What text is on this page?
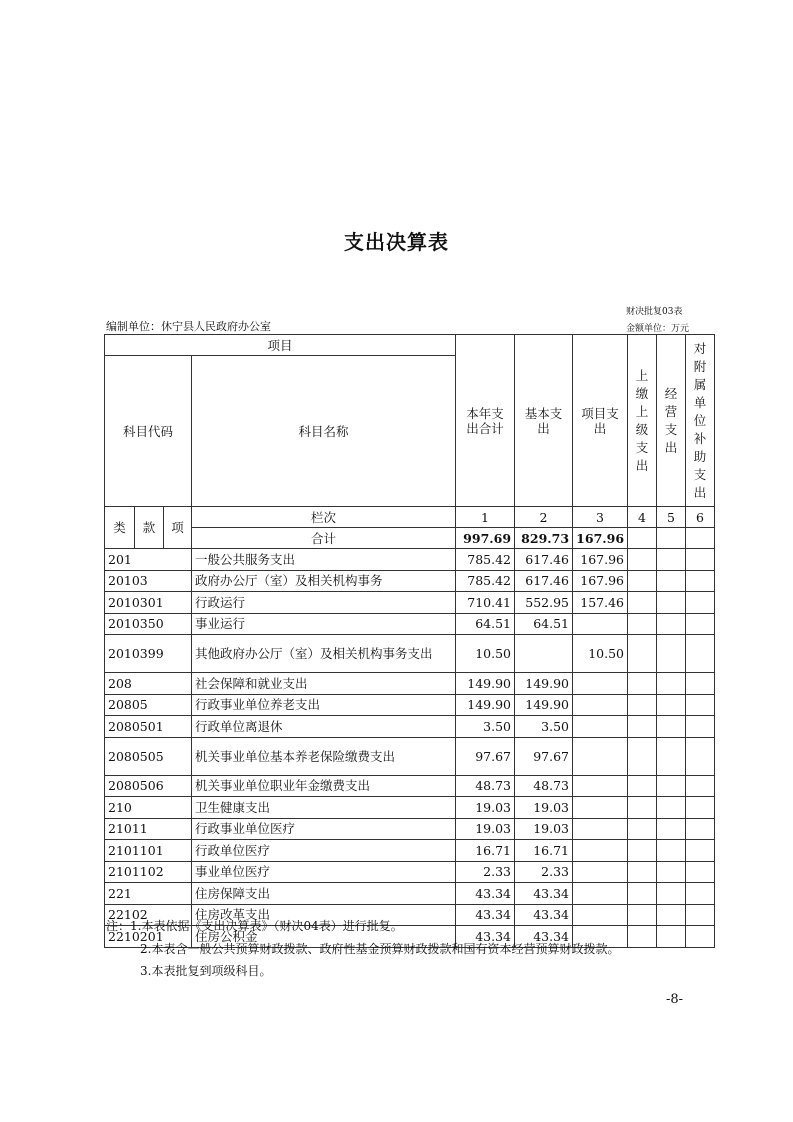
支出决算表
财决批复03表
编制单位：休宁县人民政府办公室	金额单位：万元
项目				本年支出合计	基本支出	项目支出	上缴上级支出	经营支出	对附属单位补助支出
科目代码			科目名称						
类	款	项	栏次	1	2	3	4	5	6
			合计	997.69	829.73	167.96			
201			一般公共服务支出	785.42	617.46	167.96			
20103			政府办公厅（室）及相关机构事务	785.42	617.46	167.96			
2010301			行政运行	710.41	552.95	157.46			
2010350			事业运行	64.51	64.51				
2010399			其他政府办公厅（室）及相关机构事务支出	10.50		10.50			
208			社会保障和就业支出	149.90	149.90				
20805			行政事业单位养老支出	149.90	149.90				
2080501			行政单位离退休	3.50	3.50				
2080505			机关事业单位基本养老保险缴费支出	97.67	97.67				
2080506			机关事业单位职业年金缴费支出	48.73	48.73				
210			卫生健康支出	19.03	19.03				
21011			行政事业单位医疗	19.03	19.03				
2101101			行政单位医疗	16.71	16.71				
2101102			事业单位医疗	2.33	2.33				
221			住房保障支出	43.34	43.34				
22102			住房改革支出	43.34	43.34				
2210201			住房公积金	43.34	43.34				
注：1.本表依据《支出决算表》（财决04表）进行批复。
2.本表含一般公共预算财政拨款、政府性基金预算财政拨款和国有资本经营预算财政拨款。
3.本表批复到项级科目。
-8-
